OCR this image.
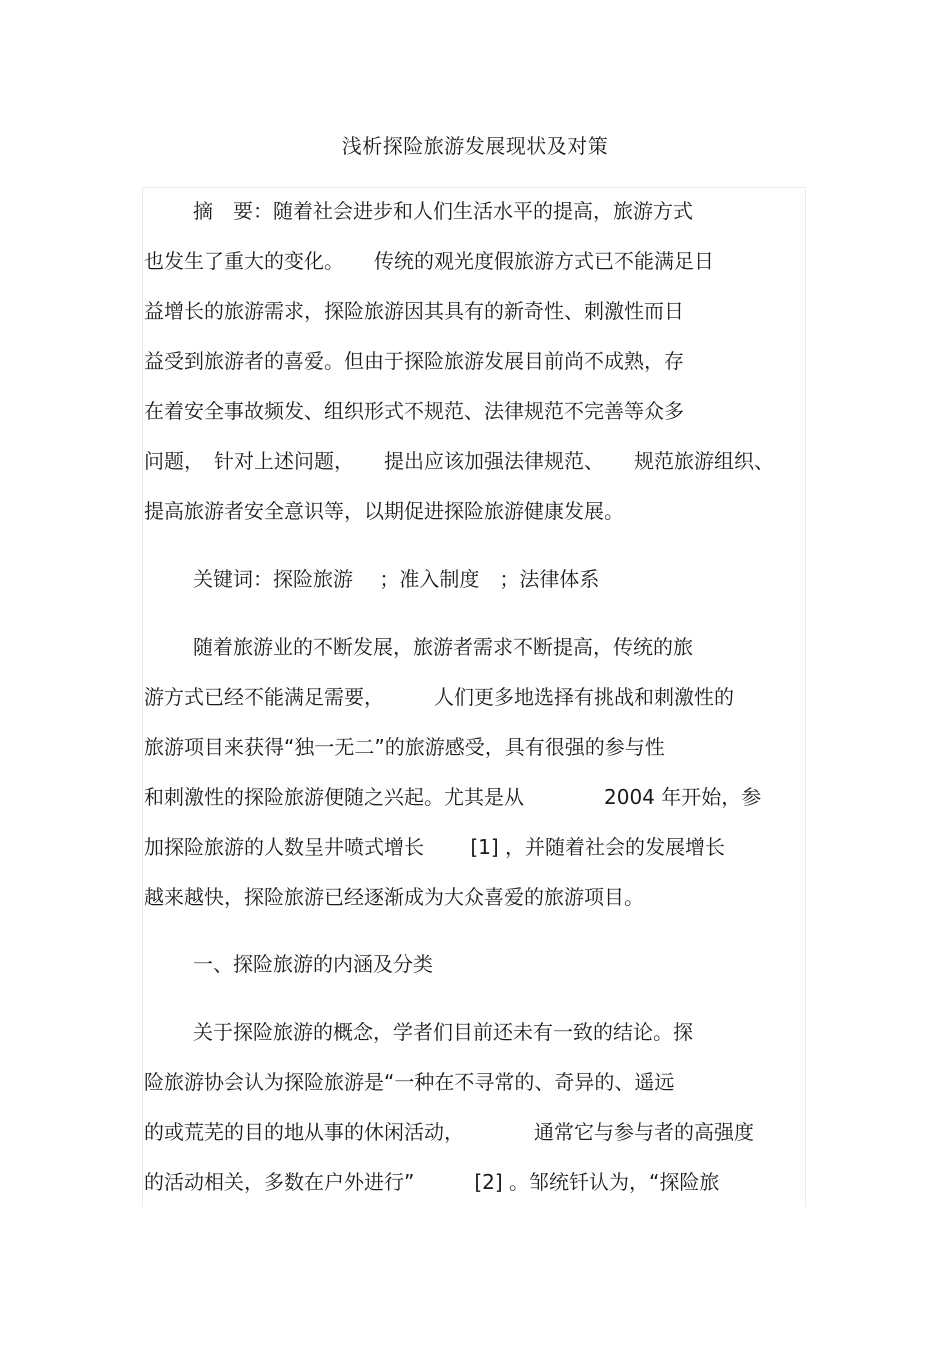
浅析探险旅游发展现状及对策
摘　要：随着社会进步和人们生活水平的提高，旅游方式
也发生了重大的变化。　　传统的观光度假旅游方式已不能满足日
益增长的旅游需求，探险旅游因其具有的新奇性、刺激性而日
益受到旅游者的喜爱。但由于探险旅游发展目前尚不成熟，存
在着安全事故频发、组织形式不规范、法律规范不完善等众多
问题，　针对上述问题，　　提出应该加强法律规范、　　规范旅游组织、
提高旅游者安全意识等，以期促进探险旅游健康发展。
关键词：探险旅游　 ；准入制度　；法律体系
随着旅游业的不断发展，旅游者需求不断提高，传统的旅
游方式已经不能满足需要，　　　人们更多地选择有挑战和刺激性的
旅游项目来获得“独一无二”的旅游感受，具有很强的参与性
和刺激性的探险旅游便随之兴起。尤其是从　　　　2004 年开始，参
加探险旅游的人数呈井喷式增长　　 [1] ，并随着社会的发展增长
越来越快，探险旅游已经逐渐成为大众喜爱的旅游项目。
一、探险旅游的内涵及分类
关于探险旅游的概念，学者们目前还未有一致的结论。探
险旅游协会认为探险旅游是“一种在不寻常的、奇异的、遥远
的或荒芜的目的地从事的休闲活动，　　　　通常它与参与者的高强度
的活动相关，多数在户外进行”　　　[2] 。邹统钎认为，“探险旅
